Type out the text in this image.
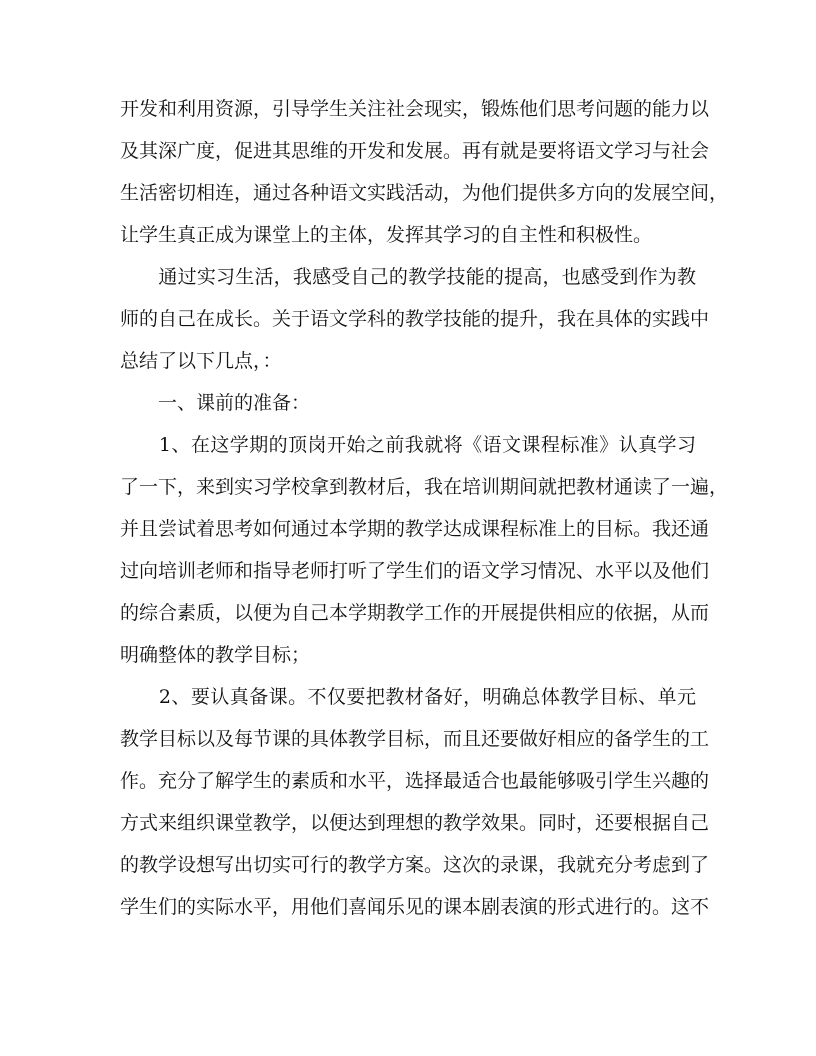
开发和利用资源，引导学生关注社会现实，锻炼他们思考问题的能力以
及其深广度，促进其思维的开发和发展。再有就是要将语文学习与社会
生活密切相连，通过各种语文实践活动，为他们提供多方向的发展空间，
让学生真正成为课堂上的主体，发挥其学习的自主性和积极性。
　　通过实习生活，我感受自己的教学技能的提高，也感受到作为教
师的自己在成长。关于语文学科的教学技能的提升，我在具体的实践中
总结了以下几点，：
　　一、课前的准备：
　　1、在这学期的顶岗开始之前我就将《语文课程标准》认真学习
了一下，来到实习学校拿到教材后，我在培训期间就把教材通读了一遍，
并且尝试着思考如何通过本学期的教学达成课程标准上的目标。我还通
过向培训老师和指导老师打听了学生们的语文学习情况、水平以及他们
的综合素质，以便为自己本学期教学工作的开展提供相应的依据，从而
明确整体的教学目标；
　　2、要认真备课。不仅要把教材备好，明确总体教学目标、单元
教学目标以及每节课的具体教学目标，而且还要做好相应的备学生的工
作。充分了解学生的素质和水平，选择最适合也最能够吸引学生兴趣的
方式来组织课堂教学，以便达到理想的教学效果。同时，还要根据自己
的教学设想写出切实可行的教学方案。这次的录课，我就充分考虑到了
学生们的实际水平，用他们喜闻乐见的课本剧表演的形式进行的。这不
